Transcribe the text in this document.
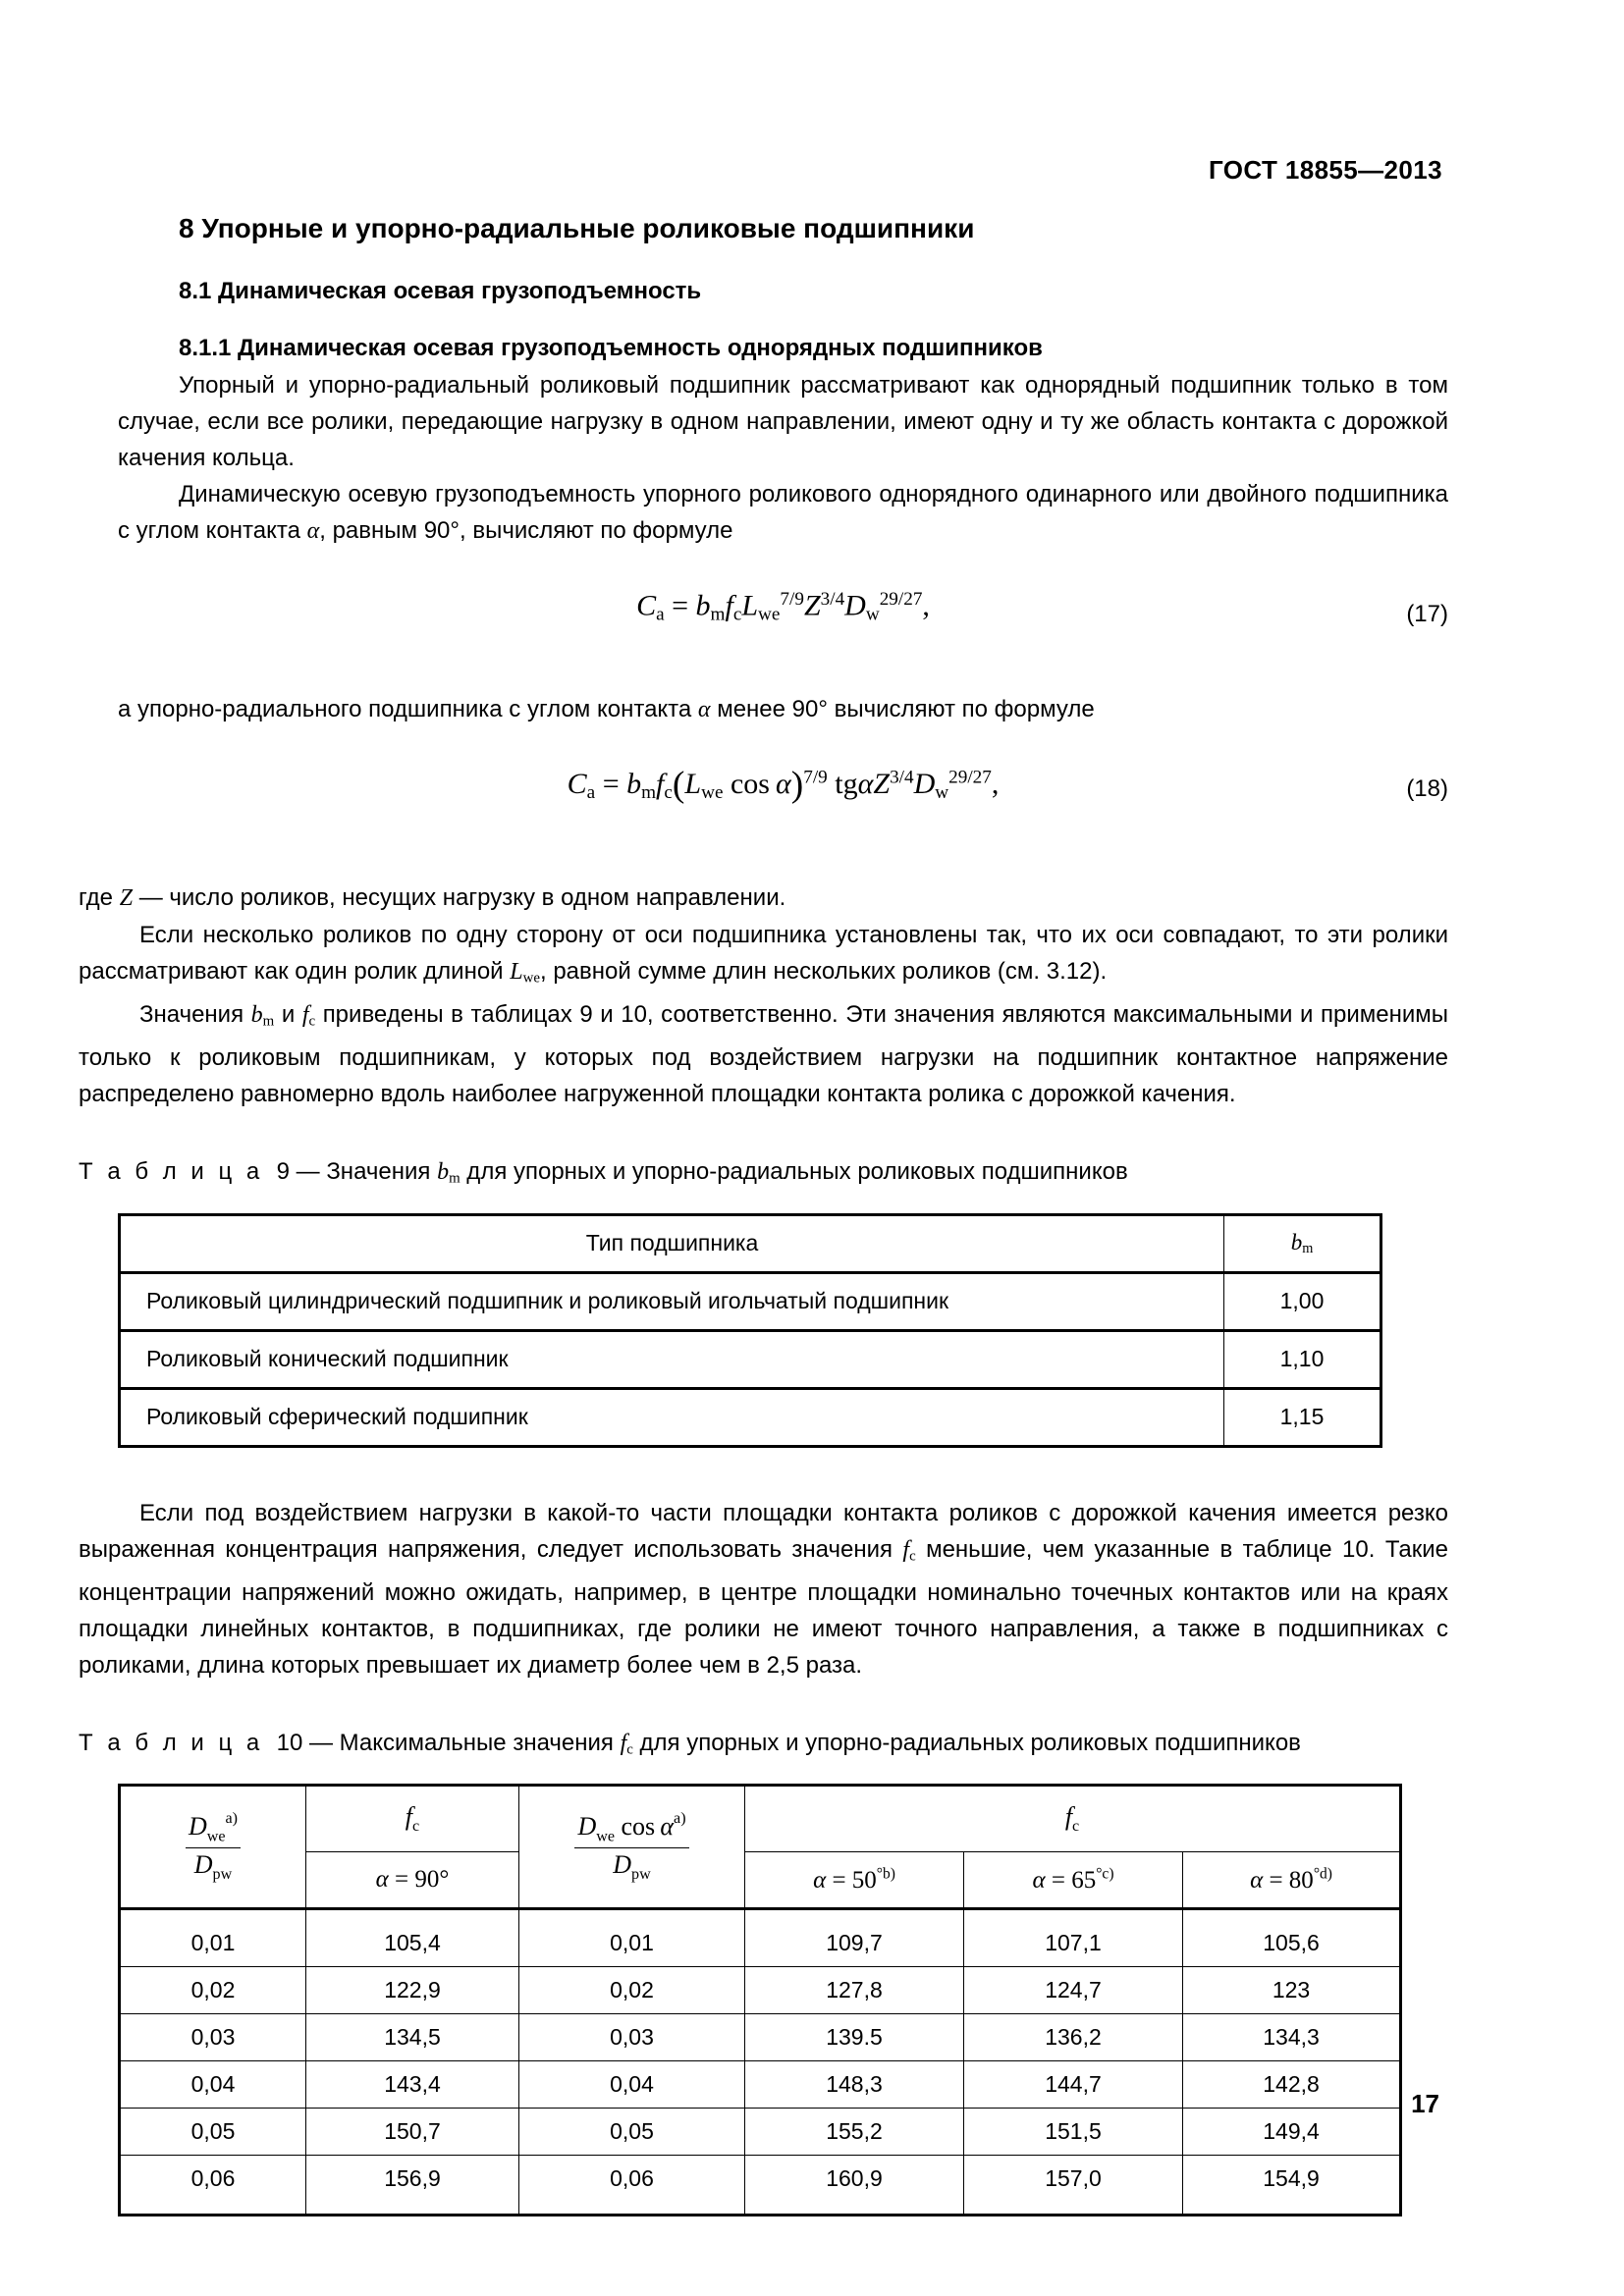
ГОСТ 18855—2013
8 Упорные и упорно-радиальные роликовые подшипники
8.1 Динамическая осевая грузоподъемность
8.1.1 Динамическая осевая грузоподъемность однорядных подшипников

Упорный и упорно-радиальный роликовый подшипник рассматривают как однорядный подшипник только в том случае, если все ролики, передающие нагрузку в одном направлении, имеют одну и ту же область контакта с дорожкой качения кольца.

Динамическую осевую грузоподъемность упорного роликового однорядного одинарного или двойного подшипника с углом контакта α, равным 90°, вычисляют по формуле

$C_a = b_mf_cL_{we}^{7/9}Z^{3/4}D_w^{29/27}$,	(17)

а упорно-радиального подшипника с углом контакта α менее 90° вычисляют по формуле

$C_a = b_mf_c(L_{we}$ cos  α)$^{7/9}$ $tg\alpha Z^{3/4}D_w^{29/27}$,	(18)

где Z — число роликов, несущих нагрузку в одном направлении.

Если несколько роликов по одну сторону от оси подшипника установлены так, что их оси совпадают, то эти ролики рассматривают как один ролик длиной $L_{we}$, равной сумме длин нескольких роликов (см. 3.12).

Значения $b_m$ и $f_c$ приведены в таблицах 9 и 10, соответственно. Эти значения являются максимальными и применимы только к роликовым подшипникам, у которых под воздействием нагрузки на подшипник контактное напряжение распределено равномерно вдоль наиболее нагруженной площадки контакта ролика с дорожкой качения.

Т а б л и ц а 9 — Значения $b_m$ для упорных и упорно-радиальных роликовых подшипников

Тип подшипника	$b_m$
Роликовый цилиндрический подшипник и роликовый игольчатый подшипник	1,00
Роликовый конический подшипник	1,10
Роликовый сферический подшипник	1,15

Если под воздействием нагрузки в какой-то части площадки контакта роликов с дорожкой качения имеется резко выраженная концентрация напряжения, следует использовать значения $f_c$ меньшие, чем указанные в таблице 10. Такие концентрации напряжений можно ожидать, например, в центре площадки номинально точечных контактов или на краях площадки линейных контактов, в подшипниках, где ролики не имеют точного направления, а также в подшипниках с роликами, длина которых превышает их диаметр более чем в 2,5 раза.

Т а б л и ц а 10 — Максимальные значения $f_c$ для упорных и упорно-радиальных роликовых подшипников

$\frac{D_{we}^{a)}}{D_{pw}}$	$f_c$	$\frac{D_{we} \cos \alpha^{a)}}{D_{pw}}$	$f_c$
	α = 90°		$\alpha = 50^{^\circ b)}$	$\alpha = 65^{^\circ c)}$	$\alpha = 80^{^\circ d)}$
0,01	105,4	0,01	109,7	107,1	105,6
0,02	122,9	0,02	127,8	124,7	123
0,03	134,5	0,03	139.5	136,2	134,3
0,04	143,4	0,04	148,3	144,7	142,8
0,05	150,7	0,05	155,2	151,5	149,4
0,06	156,9	0,06	160,9	157,0	154,9
17
